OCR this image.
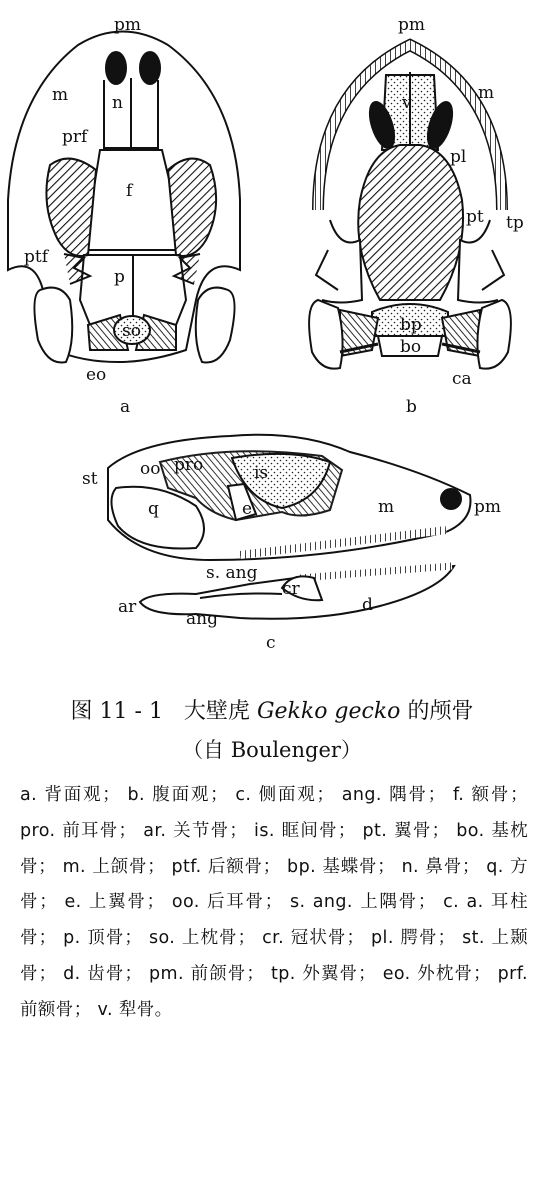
pm
m	n
prf
f
ptf
p
so
eo
a
pm
m
v
pl
pt tp
bp
bo
ca
b
st oo pro	is
q	e	m	pm
s. ang
cr
ar
ang
d
c
图 11 - 1 大壁虎 Gekko gecko 的颅骨
（自 Boulenger）
a. 背面观； b. 腹面观； c. 侧面观； ang. 隅骨； f. 额骨； pro. 前耳骨； ar. 关节骨； is. 眶间骨； pt. 翼骨； bo. 基枕骨； m. 上颌骨； ptf. 后额骨； bp. 基蝶骨； n. 鼻骨； q. 方骨； e. 上翼骨； oo. 后耳骨； s. ang. 上隅骨； c. a. 耳柱骨； p. 顶骨； so. 上枕骨； cr. 冠状骨； pl. 腭骨； st. 上颞骨； d. 齿骨； pm. 前颌骨； tp. 外翼骨； eo. 外枕骨； prf. 前额骨； v. 犁骨。
